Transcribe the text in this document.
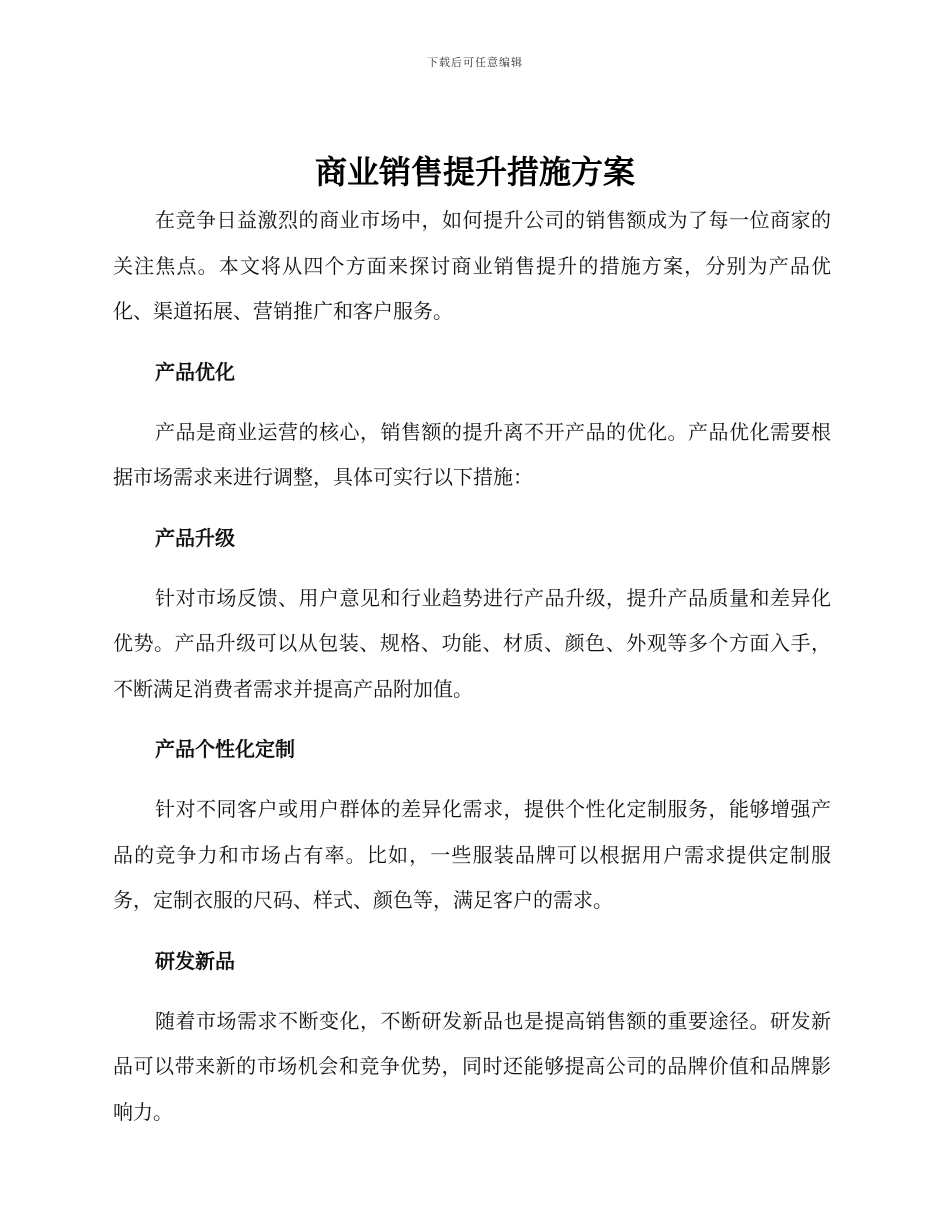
下载后可任意编辑
商业销售提升措施方案

在竞争日益激烈的商业市场中，如何提升公司的销售额成为了每一位商家的关注焦点。本文将从四个方面来探讨商业销售提升的措施方案，分别为产品优化、渠道拓展、营销推广和客户服务。

产品优化

产品是商业运营的核心，销售额的提升离不开产品的优化。产品优化需要根据市场需求来进行调整，具体可实行以下措施：

产品升级

针对市场反馈、用户意见和行业趋势进行产品升级，提升产品质量和差异化优势。产品升级可以从包装、规格、功能、材质、颜色、外观等多个方面入手，不断满足消费者需求并提高产品附加值。

产品个性化定制

针对不同客户或用户群体的差异化需求，提供个性化定制服务，能够增强产品的竞争力和市场占有率。比如，一些服装品牌可以根据用户需求提供定制服务，定制衣服的尺码、样式、颜色等，满足客户的需求。

研发新品

随着市场需求不断变化，不断研发新品也是提高销售额的重要途径。研发新品可以带来新的市场机会和竞争优势，同时还能够提高公司的品牌价值和品牌影响力。
